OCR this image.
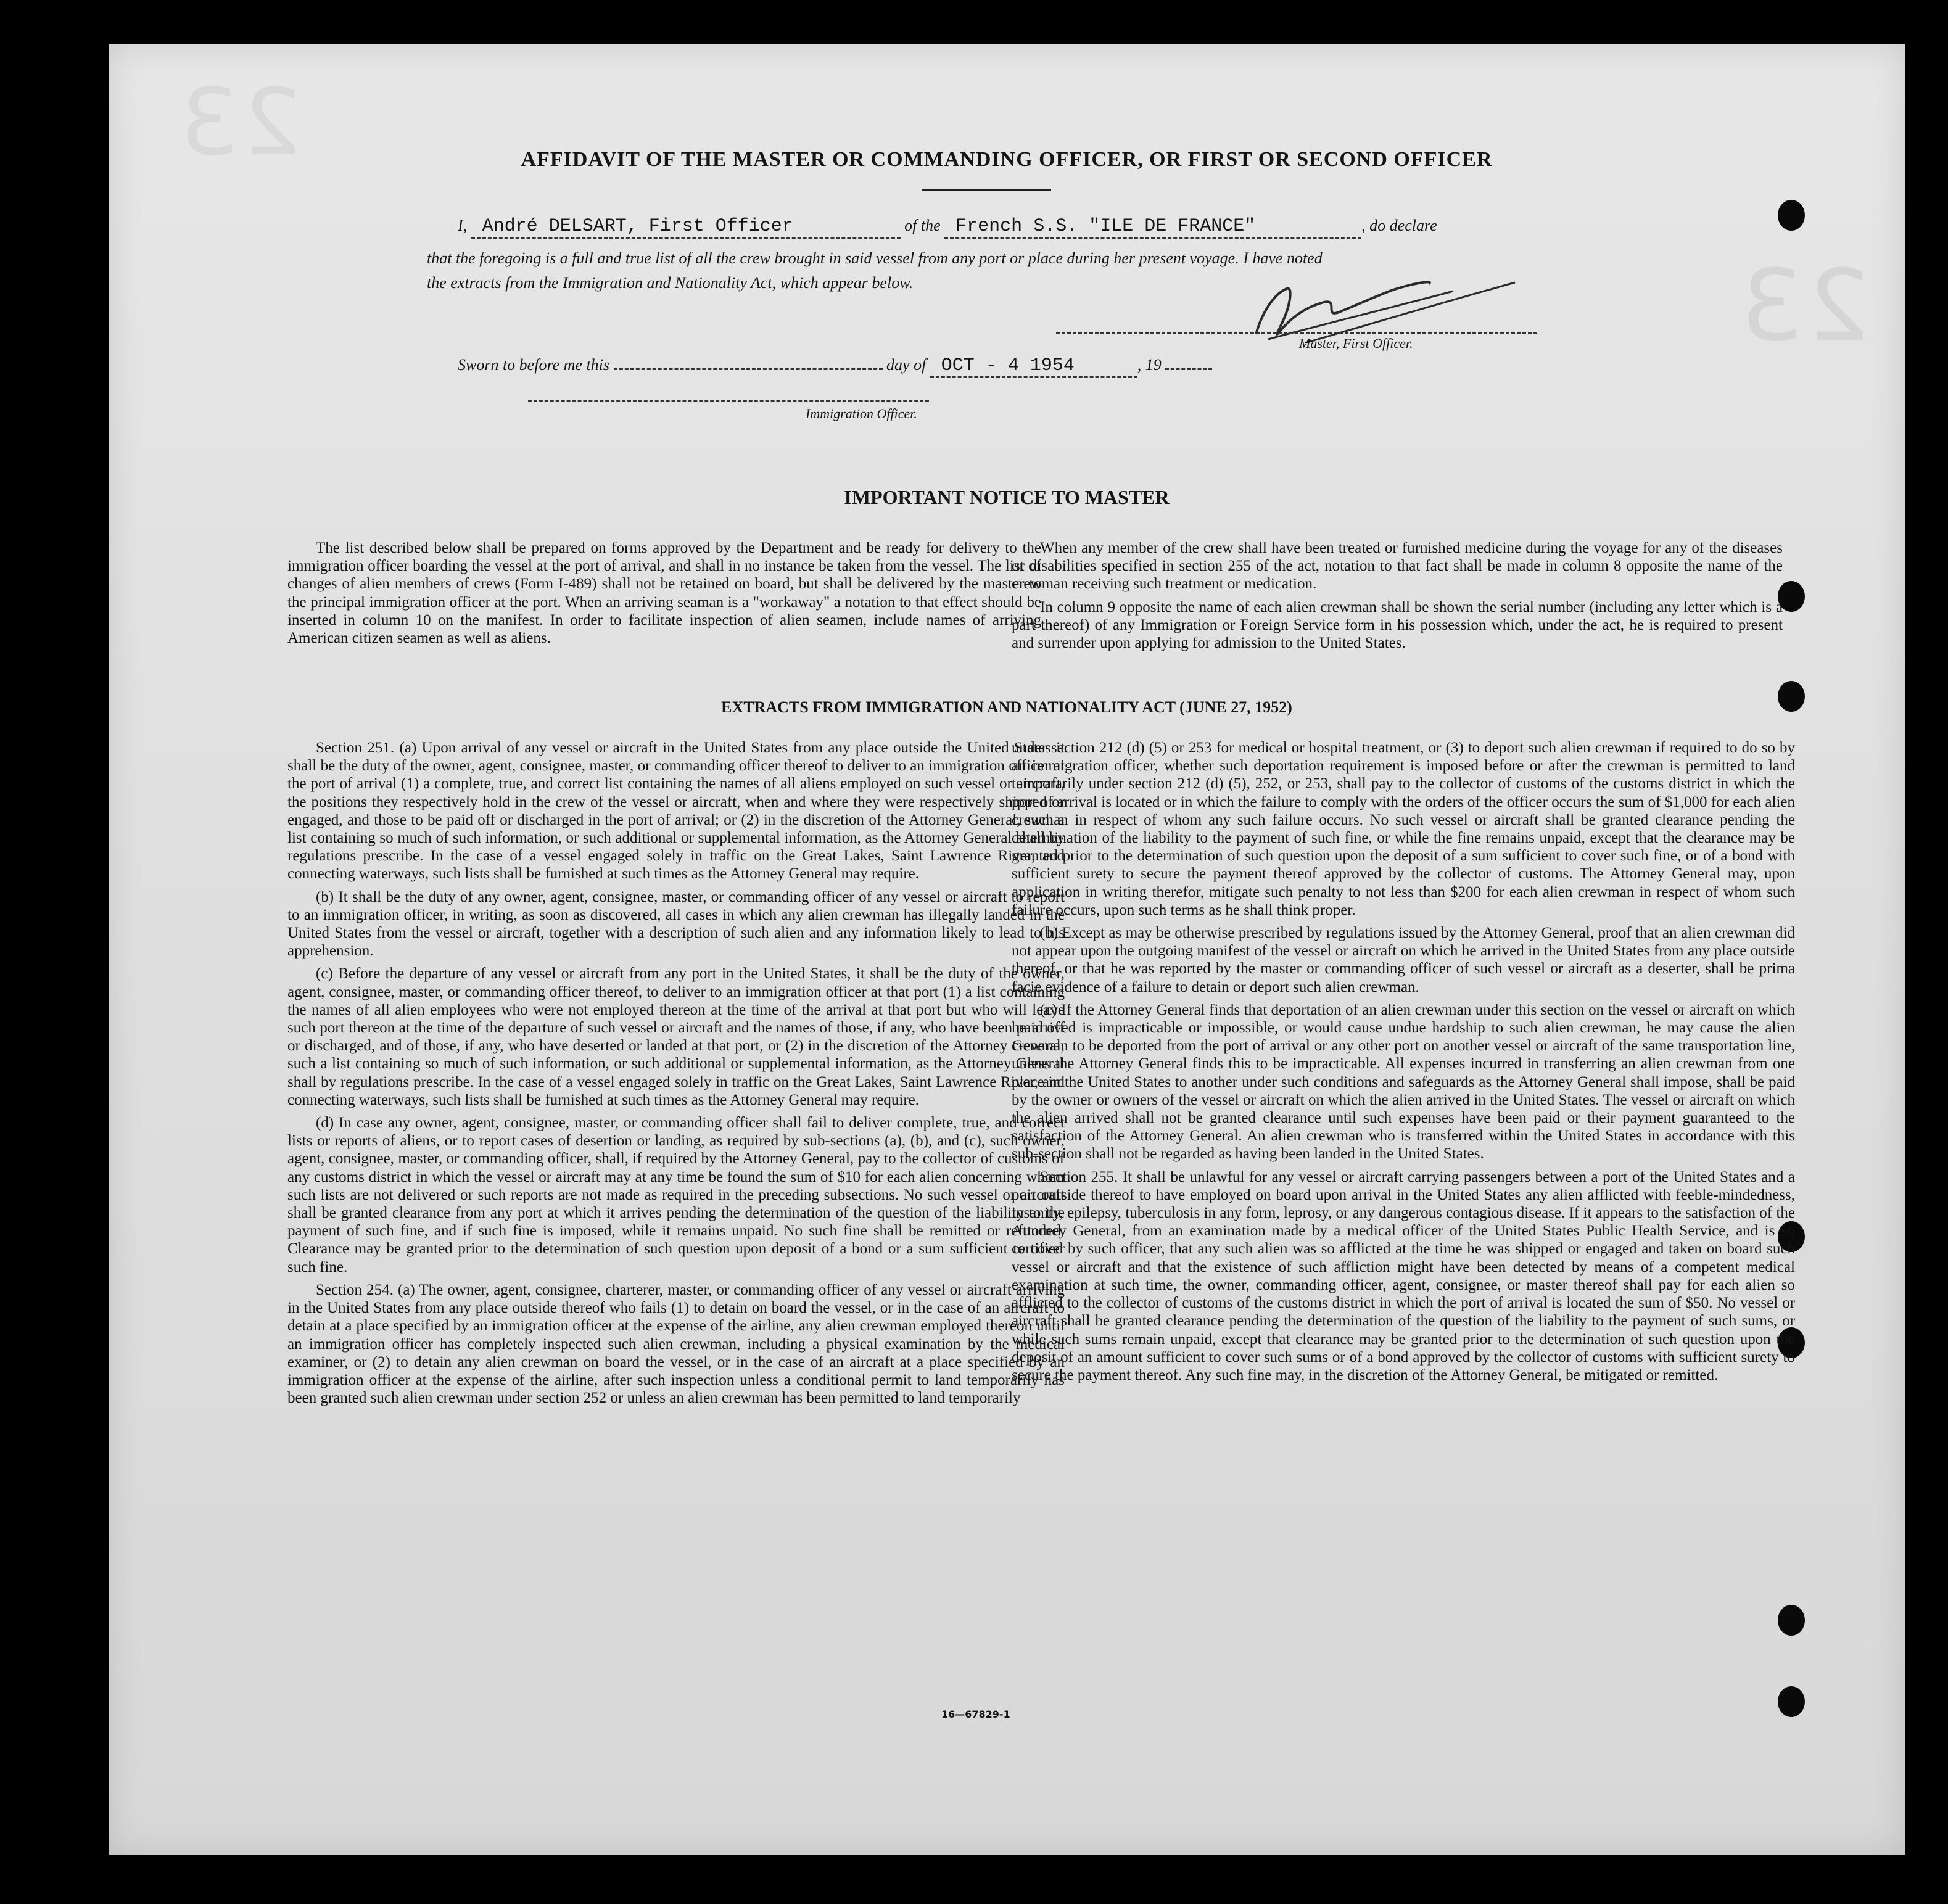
23
23
AFFIDAVIT OF THE MASTER OR COMMANDING OFFICER, OR FIRST OR SECOND OFFICER
I, André DELSART, First Officer	of the French S.S. "ILE DE FRANCE"	, do declare
that the foregoing is a full and true list of all the crew brought in said vessel from any port or place during her present voyage. I have noted
the extracts from the Immigration and Nationality Act, which appear below.
Master, First Officer.
Sworn to before me this	day of OCT - 4 1954	, 19
Immigration Officer.
IMPORTANT NOTICE TO MASTER

The list described below shall be prepared on forms approved by the Department and be ready for delivery to the immigration officer boarding the vessel at the port of arrival, and shall in no instance be taken from the vessel. The list of changes of alien members of crews (Form I-489) shall not be retained on board, but shall be delivered by the master to the principal immigration officer at the port. When an arriving seaman is a "workaway" a notation to that effect should be inserted in column 10 on the manifest. In order to facilitate inspection of alien seamen, include names of arriving American citizen seamen as well as aliens.

When any member of the crew shall have been treated or furnished medicine during the voyage for any of the diseases or disabilities specified in section 255 of the act, notation to that fact shall be made in column 8 opposite the name of the crewman receiving such treatment or medication.

In column 9 opposite the name of each alien crewman shall be shown the serial number (including any letter which is a part thereof) of any Immigration or Foreign Service form in his possession which, under the act, he is required to present and surrender upon applying for admission to the United States.

EXTRACTS FROM IMMIGRATION AND NATIONALITY ACT (JUNE 27, 1952)

Section 251. (a) Upon arrival of any vessel or aircraft in the United States from any place outside the United States it shall be the duty of the owner, agent, consignee, master, or commanding officer thereof to deliver to an immigration officer at the port of arrival (1) a complete, true, and correct list containing the names of all aliens employed on such vessel or aircraft, the positions they respectively hold in the crew of the vessel or aircraft, when and where they were respectively shipped or engaged, and those to be paid off or discharged in the port of arrival; or (2) in the discretion of the Attorney General, such a list containing so much of such information, or such additional or supplemental information, as the Attorney General shall by regulations prescribe. In the case of a vessel engaged solely in traffic on the Great Lakes, Saint Lawrence River, and connecting waterways, such lists shall be furnished at such times as the Attorney General may require.

(b) It shall be the duty of any owner, agent, consignee, master, or commanding officer of any vessel or aircraft to report to an immigration officer, in writing, as soon as discovered, all cases in which any alien crewman has illegally landed in the United States from the vessel or aircraft, together with a description of such alien and any information likely to lead to his apprehension.

(c) Before the departure of any vessel or aircraft from any port in the United States, it shall be the duty of the owner, agent, consignee, master, or commanding officer thereof, to deliver to an immigration officer at that port (1) a list containing the names of all alien employees who were not employed thereon at the time of the arrival at that port but who will leave such port thereon at the time of the departure of such vessel or aircraft and the names of those, if any, who have been paid off or discharged, and of those, if any, who have deserted or landed at that port, or (2) in the discretion of the Attorney General, such a list containing so much of such information, or such additional or supplemental information, as the Attorney General shall by regulations prescribe. In the case of a vessel engaged solely in traffic on the Great Lakes, Saint Lawrence River, and connecting waterways, such lists shall be furnished at such times as the Attorney General may require.

(d) In case any owner, agent, consignee, master, or commanding officer shall fail to deliver complete, true, and correct lists or reports of aliens, or to report cases of desertion or landing, as required by sub-sections (a), (b), and (c), such owner, agent, consignee, master, or commanding officer, shall, if required by the Attorney General, pay to the collector of customs of any customs district in which the vessel or aircraft may at any time be found the sum of $10 for each alien concerning whom such lists are not delivered or such reports are not made as required in the preceding subsections. No such vessel or aircraft shall be granted clearance from any port at which it arrives pending the determination of the question of the liability to the payment of such fine, and if such fine is imposed, while it remains unpaid. No such fine shall be remitted or refunded. Clearance may be granted prior to the determination of such question upon deposit of a bond or a sum sufficient to cover such fine.

Section 254. (a) The owner, agent, consignee, charterer, master, or commanding officer of any vessel or aircraft arriving in the United States from any place outside thereof who fails (1) to detain on board the vessel, or in the case of an aircraft to detain at a place specified by an immigration officer at the expense of the airline, any alien crewman employed thereon until an immigration officer has completely inspected such alien crewman, including a physical examination by the medical examiner, or (2) to detain any alien crewman on board the vessel, or in the case of an aircraft at a place specified by an immigration officer at the expense of the airline, after such inspection unless a conditional permit to land temporarily has been granted such alien crewman under section 252 or unless an alien crewman has been permitted to land temporarily

under section 212 (d) (5) or 253 for medical or hospital treatment, or (3) to deport such alien crewman if required to do so by an immigration officer, whether such deportation requirement is imposed before or after the crewman is permitted to land temporarily under section 212 (d) (5), 252, or 253, shall pay to the collector of customs of the customs district in which the port of arrival is located or in which the failure to comply with the orders of the officer occurs the sum of $1,000 for each alien crewman in respect of whom any such failure occurs. No such vessel or aircraft shall be granted clearance pending the determination of the liability to the payment of such fine, or while the fine remains unpaid, except that the clearance may be granted prior to the determination of such question upon the deposit of a sum sufficient to cover such fine, or of a bond with sufficient surety to secure the payment thereof approved by the collector of customs. The Attorney General may, upon application in writing therefor, mitigate such penalty to not less than $200 for each alien crewman in respect of whom such failure occurs, upon such terms as he shall think proper.

(b) Except as may be otherwise prescribed by regulations issued by the Attorney General, proof that an alien crewman did not appear upon the outgoing manifest of the vessel or aircraft on which he arrived in the United States from any place outside thereof, or that he was reported by the master or commanding officer of such vessel or aircraft as a deserter, shall be prima facie evidence of a failure to detain or deport such alien crewman.

(c) If the Attorney General finds that deportation of an alien crewman under this section on the vessel or aircraft on which he arrived is impracticable or impossible, or would cause undue hardship to such alien crewman, he may cause the alien crewman to be deported from the port of arrival or any other port on another vessel or aircraft of the same transportation line, unless the Attorney General finds this to be impracticable. All expenses incurred in transferring an alien crewman from one place in the United States to another under such conditions and safeguards as the Attorney General shall impose, shall be paid by the owner or owners of the vessel or aircraft on which the alien arrived in the United States. The vessel or aircraft on which the alien arrived shall not be granted clearance until such expenses have been paid or their payment guaranteed to the satisfaction of the Attorney General. An alien crewman who is transferred within the United States in accordance with this sub-section shall not be regarded as having been landed in the United States.

Section 255. It shall be unlawful for any vessel or aircraft carrying passengers between a port of the United States and a port outside thereof to have employed on board upon arrival in the United States any alien afflicted with feeble-mindedness, insanity, epilepsy, tuberculosis in any form, leprosy, or any dangerous contagious disease. If it appears to the satisfaction of the Attorney General, from an examination made by a medical officer of the United States Public Health Service, and is so certified by such officer, that any such alien was so afflicted at the time he was shipped or engaged and taken on board such vessel or aircraft and that the existence of such affliction might have been detected by means of a competent medical examination at such time, the owner, commanding officer, agent, consignee, or master thereof shall pay for each alien so afflicted to the collector of customs of the customs district in which the port of arrival is located the sum of $50. No vessel or aircraft shall be granted clearance pending the determination of the question of the liability to the payment of such sums, or while such sums remain unpaid, except that clearance may be granted prior to the determination of such question upon the deposit of an amount sufficient to cover such sums or of a bond approved by the collector of customs with sufficient surety to secure the payment thereof. Any such fine may, in the discretion of the Attorney General, be mitigated or remitted.

16—67829-1
